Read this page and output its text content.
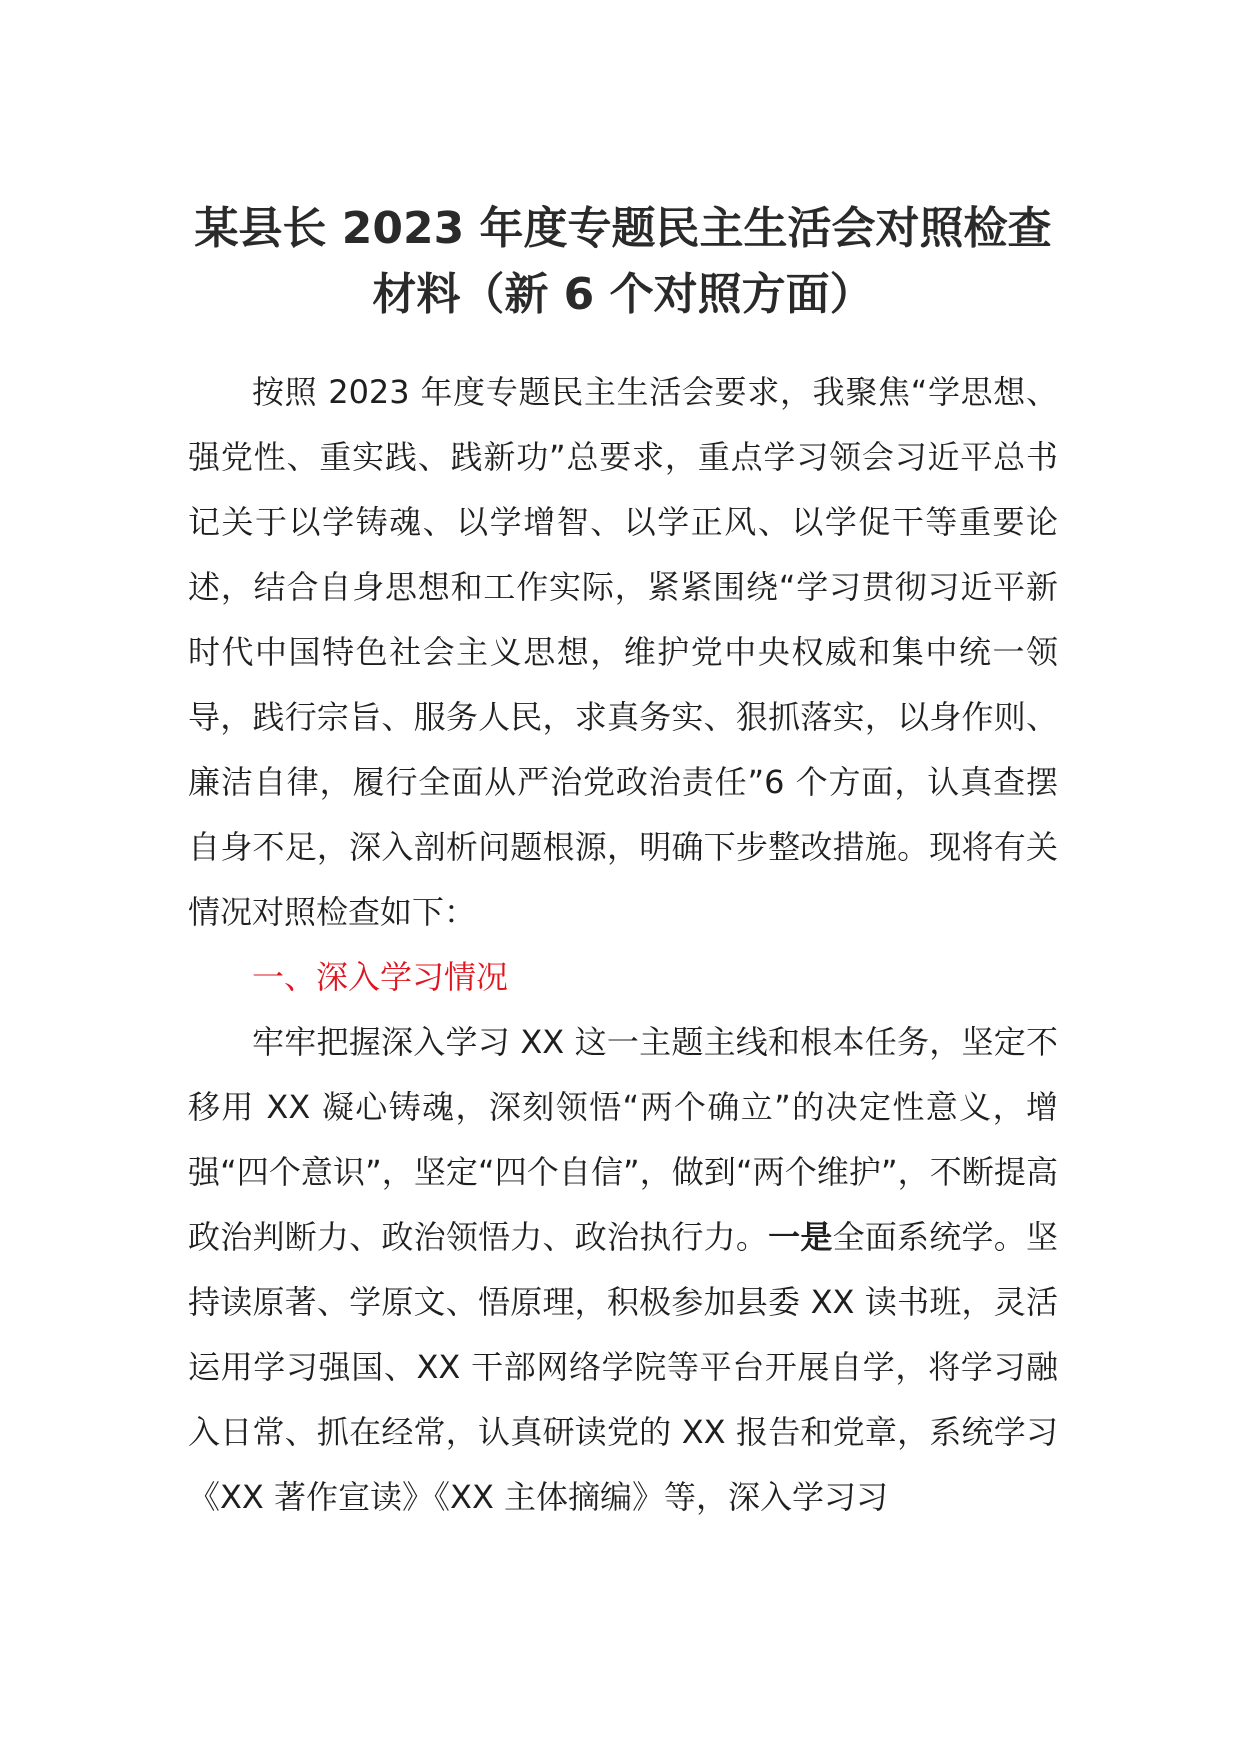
某县长 2023 年度专题民主生活会对照检查
材料（新 6 个对照方面）

按照 2023 年度专题民主生活会要求，我聚焦“学思想、强党性、重实践、践新功”总要求，重点学习领会习近平总书记关于以学铸魂、以学增智、以学正风、以学促干等重要论述，结合自身思想和工作实际，紧紧围绕“学习贯彻习近平新时代中国特色社会主义思想，维护党中央权威和集中统一领导，践行宗旨、服务人民，求真务实、狠抓落实，以身作则、廉洁自律，履行全面从严治党政治责任”6 个方面，认真查摆自身不足，深入剖析问题根源，明确下步整改措施。现将有关情况对照检查如下：

一、深入学习情况

牢牢把握深入学习 XX 这一主题主线和根本任务，坚定不移用 XX 凝心铸魂，深刻领悟“两个确立”的决定性意义，增强“四个意识”，坚定“四个自信”，做到“两个维护”，不断提高政治判断力、政治领悟力、政治执行力。一是全面系统学。坚持读原著、学原文、悟原理，积极参加县委 XX 读书班，灵活运用学习强国、XX 干部网络学院等平台开展自学，将学习融入日常、抓在经常，认真研读党的 XX 报告和党章，系统学习《XX 著作宣读》《XX 主体摘编》等，深入学习习
